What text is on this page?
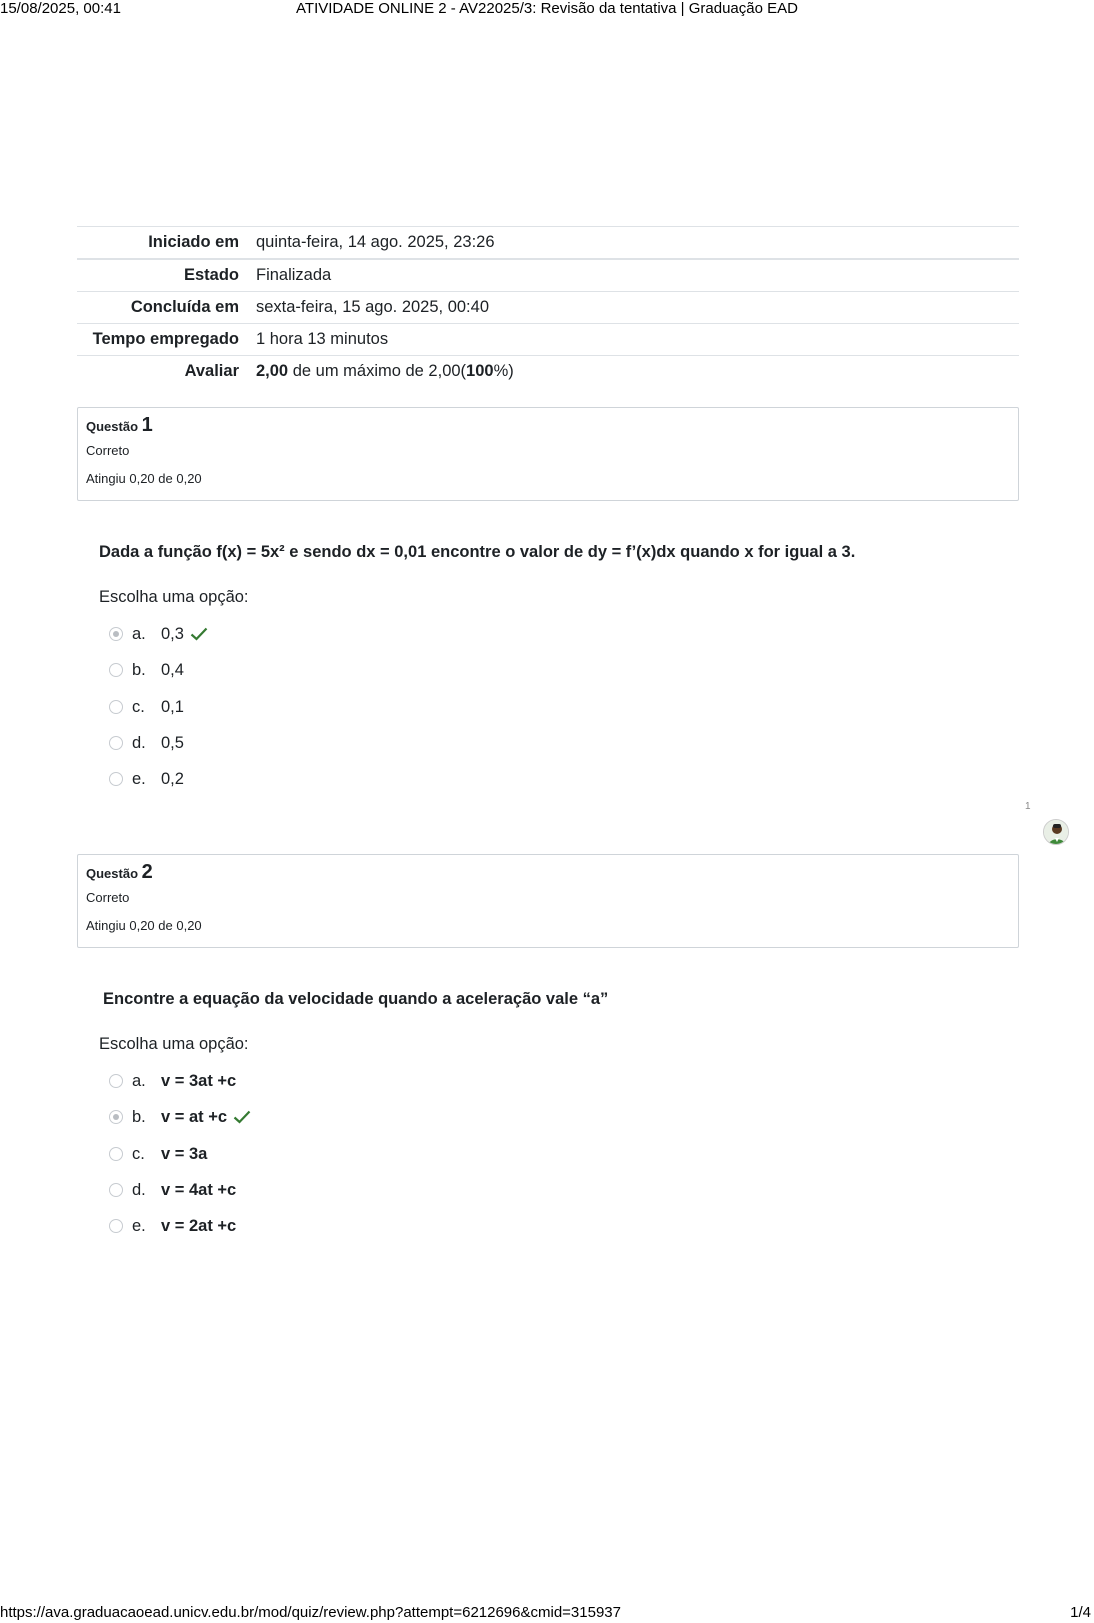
15/08/2025, 00:41	ATIVIDADE ONLINE 2 - AV22025/3: Revisão da tentativa | Graduação EAD
Iniciado em	quinta-feira, 14 ago. 2025, 23:26
Estado	Finalizada
Concluída em	sexta-feira, 15 ago. 2025, 00:40
Tempo empregado	1 hora 13 minutos
Avaliar	2,00 de um máximo de 2,00(100%)
Questão 1
Correto
Atingiu 0,20 de 0,20
Dada a função f(x) = 5x² e sendo dx = 0,01 encontre o valor de dy = f’(x)dx quando x for igual a 3.
Escolha uma opção:
a. 0,3
b. 0,4
c. 0,1
d. 0,5
e. 0,2
1
Questão 2
Correto
Atingiu 0,20 de 0,20
Encontre a equação da velocidade quando a aceleração vale “a”
Escolha uma opção:
a. v = 3at +c
b. v = at +c
c. v = 3a
d. v = 4at +c
e. v = 2at +c
https://ava.graduacaoead.unicv.edu.br/mod/quiz/review.php?attempt=6212696&cmid=315937	1/4
